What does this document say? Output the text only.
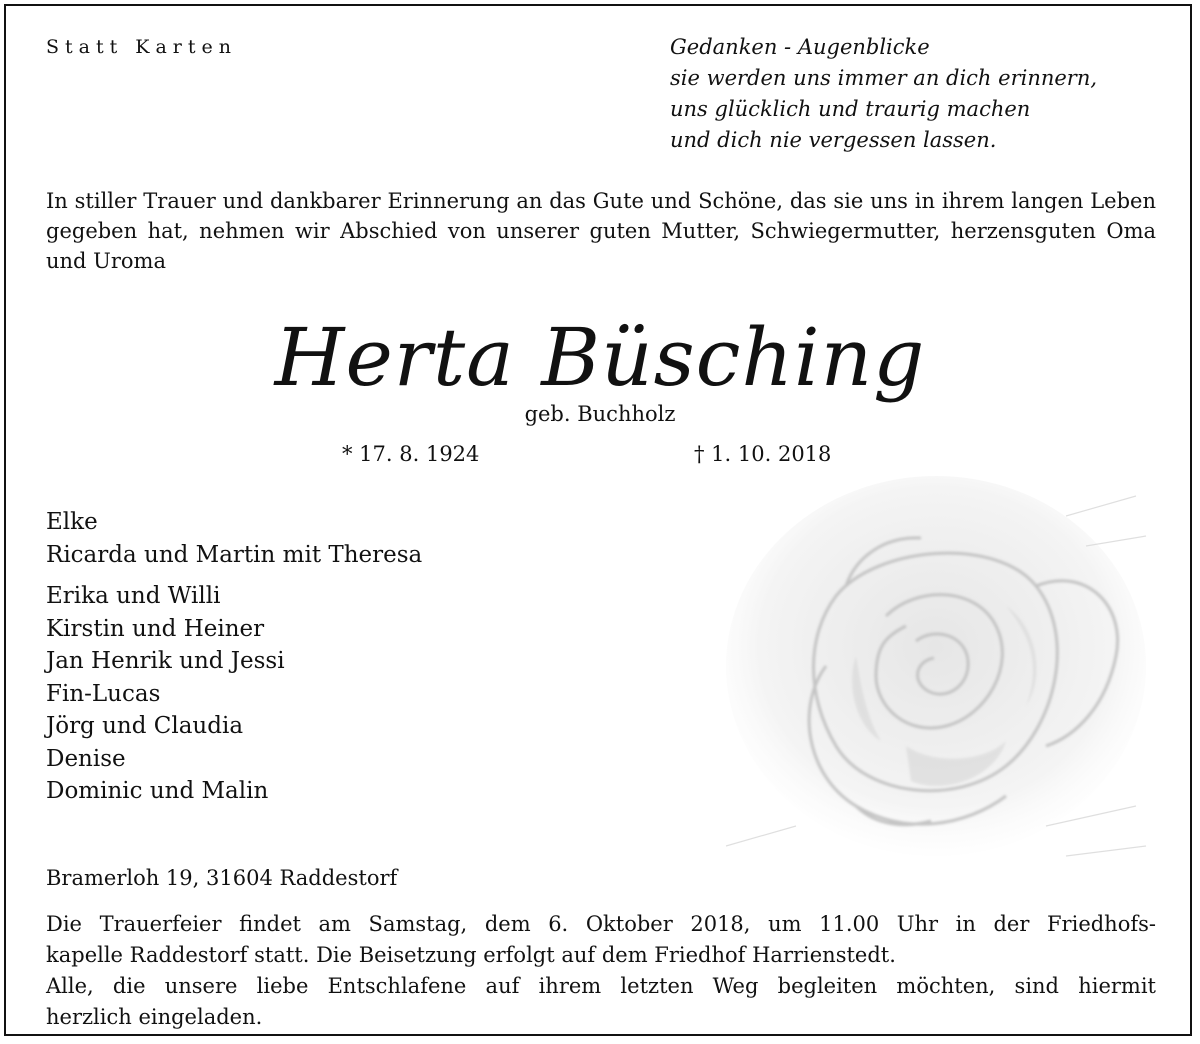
Statt Karten	Gedanken - Augenblicke
sie werden uns immer an dich erinnern,
uns glücklich und traurig machen
und dich nie vergessen lassen.
In stiller Trauer und dankbarer Erinnerung an das Gute und Schöne, das sie uns in ihrem langen Leben gegeben hat, nehmen wir Abschied von unserer guten Mutter, Schwiegermutter, herzensguten Oma und Uroma
Herta Büsching
geb. Buchholz
* 17. 8. 1924	† 1. 10. 2018
Elke
Ricarda und Martin mit Theresa
Erika und Willi
Kirstin und Heiner
Jan Henrik und Jessi
Fin-Lucas
Jörg und Claudia
Denise
Dominic und Malin
Bramerloh 19, 31604 Raddestorf
Die Trauerfeier findet am Samstag, dem 6. Oktober 2018, um 11.00 Uhr in der Friedhofs-
kapelle Raddestorf statt. Die Beisetzung erfolgt auf dem Friedhof Harrienstedt.
Alle, die unsere liebe Entschlafene auf ihrem letzten Weg begleiten möchten, sind hiermit
herzlich eingeladen.
